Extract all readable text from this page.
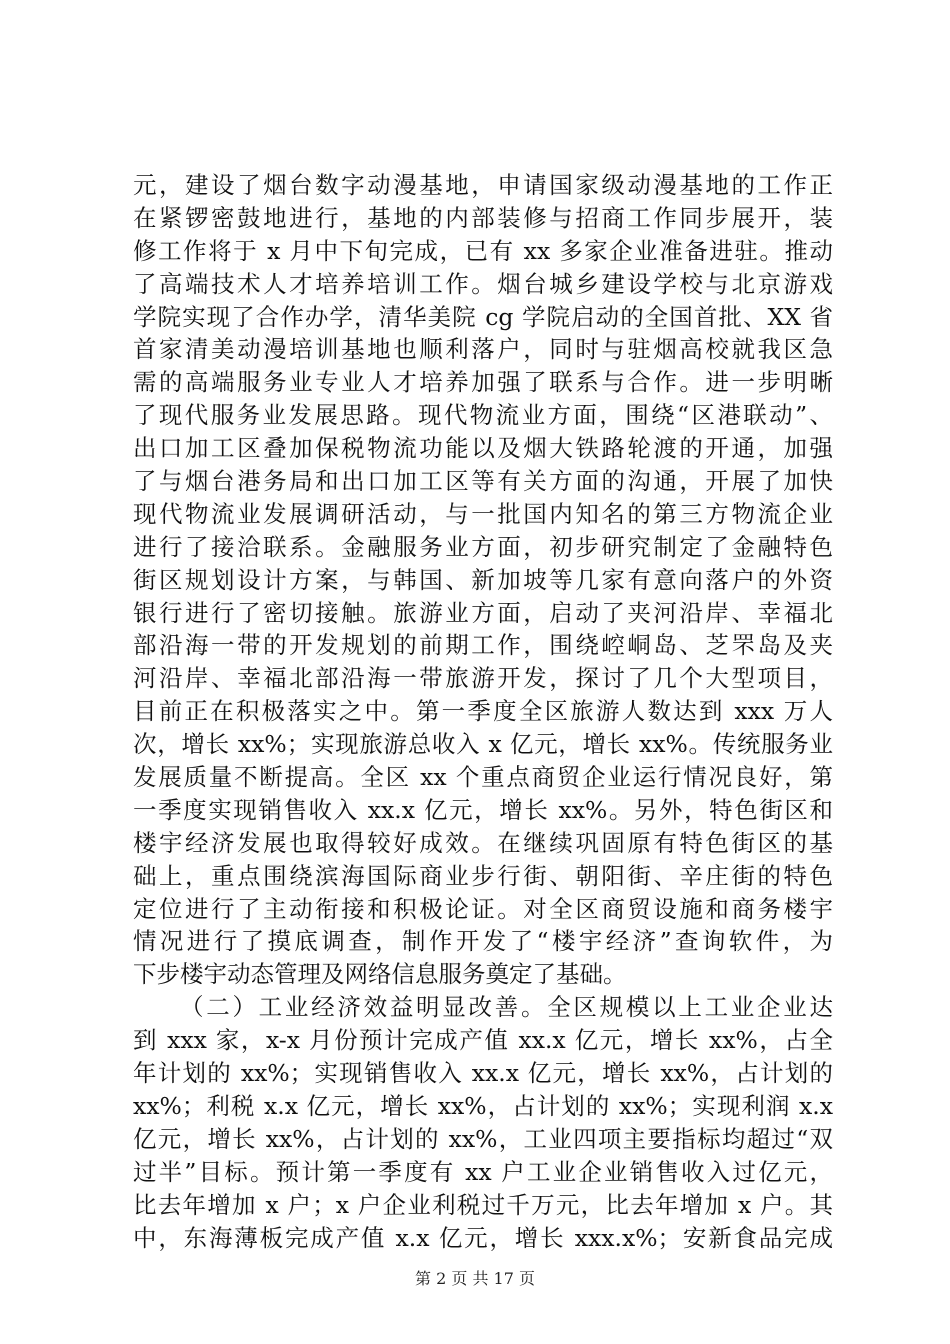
元，建设了烟台数字动漫基地，申请国家级动漫基地的工作正
在紧锣密鼓地进行，基地的内部装修与招商工作同步展开，装
修工作将于 x 月中下旬完成，已有 xx 多家企业准备进驻。推动
了高端技术人才培养培训工作。烟台城乡建设学校与北京游戏
学院实现了合作办学，清华美院 cg 学院启动的全国首批、XX 省
首家清美动漫培训基地也顺利落户，同时与驻烟高校就我区急
需的高端服务业专业人才培养加强了联系与合作。进一步明晰
了现代服务业发展思路。现代物流业方面，围绕“区港联动”、
出口加工区叠加保税物流功能以及烟大铁路轮渡的开通，加强
了与烟台港务局和出口加工区等有关方面的沟通，开展了加快
现代物流业发展调研活动，与一批国内知名的第三方物流企业
进行了接洽联系。金融服务业方面，初步研究制定了金融特色
街区规划设计方案，与韩国、新加坡等几家有意向落户的外资
银行进行了密切接触。旅游业方面，启动了夹河沿岸、幸福北
部沿海一带的开发规划的前期工作，围绕崆峒岛、芝罘岛及夹
河沿岸、幸福北部沿海一带旅游开发，探讨了几个大型项目，
目前正在积极落实之中。第一季度全区旅游人数达到 xxx 万人
次，增长 xx%；实现旅游总收入 x 亿元，增长 xx%。传统服务业
发展质量不断提高。全区 xx 个重点商贸企业运行情况良好，第
一季度实现销售收入 xx.x 亿元，增长 xx%。另外，特色街区和
楼宇经济发展也取得较好成效。在继续巩固原有特色街区的基
础上，重点围绕滨海国际商业步行街、朝阳街、辛庄街的特色
定位进行了主动衔接和积极论证。对全区商贸设施和商务楼宇
情况进行了摸底调查，制作开发了“楼宇经济”查询软件，为
下步楼宇动态管理及网络信息服务奠定了基础。
（二）工业经济效益明显改善。全区规模以上工业企业达
到 xxx 家，x-x 月份预计完成产值 xx.x 亿元，增长 xx%，占全
年计划的 xx%；实现销售收入 xx.x 亿元，增长 xx%，占计划的
xx%；利税 x.x 亿元，增长 xx%，占计划的 xx%；实现利润 x.x
亿元，增长 xx%，占计划的 xx%，工业四项主要指标均超过“双
过半”目标。预计第一季度有 xx 户工业企业销售收入过亿元，
比去年增加 x 户；x 户企业利税过千万元，比去年增加 x 户。其
中，东海薄板完成产值 x.x 亿元，增长 xxx.x%；安新食品完成
第 2 页 共 17 页
